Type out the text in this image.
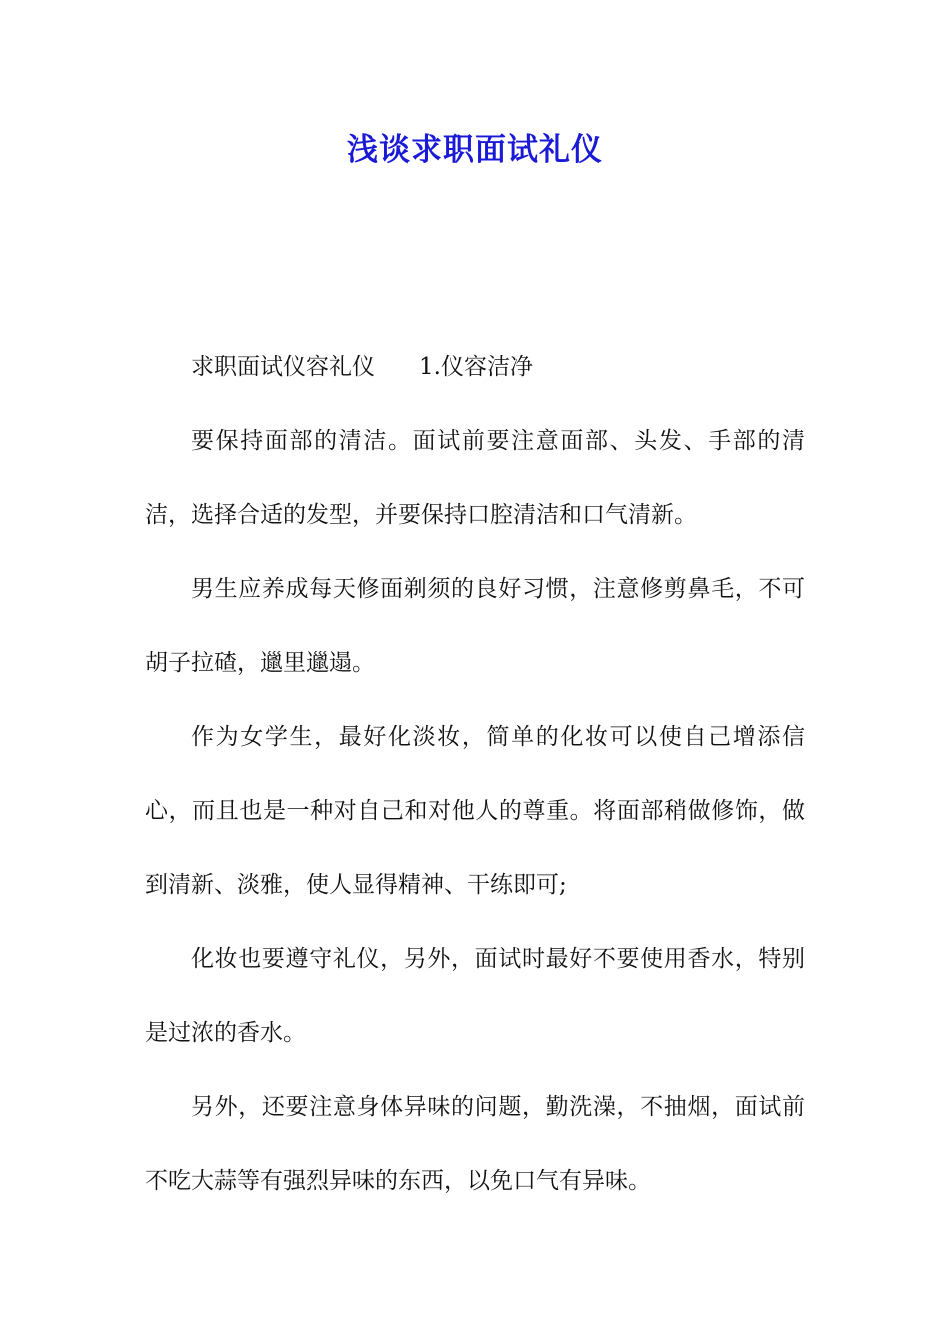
浅谈求职面试礼仪

求职面试仪容礼仪 1.仪容洁净

要保持面部的清洁。面试前要注意面部、头发、手部的清洁，选择合适的发型，并要保持口腔清洁和口气清新。

男生应养成每天修面剃须的良好习惯，注意修剪鼻毛，不可胡子拉碴，邋里邋遢。

作为女学生，最好化淡妆，简单的化妆可以使自己增添信心，而且也是一种对自己和对他人的尊重。将面部稍做修饰，做到清新、淡雅，使人显得精神、干练即可;

化妆也要遵守礼仪，另外，面试时最好不要使用香水，特别是过浓的香水。

另外，还要注意身体异味的问题，勤洗澡，不抽烟，面试前不吃大蒜等有强烈异味的东西，以免口气有异味。
